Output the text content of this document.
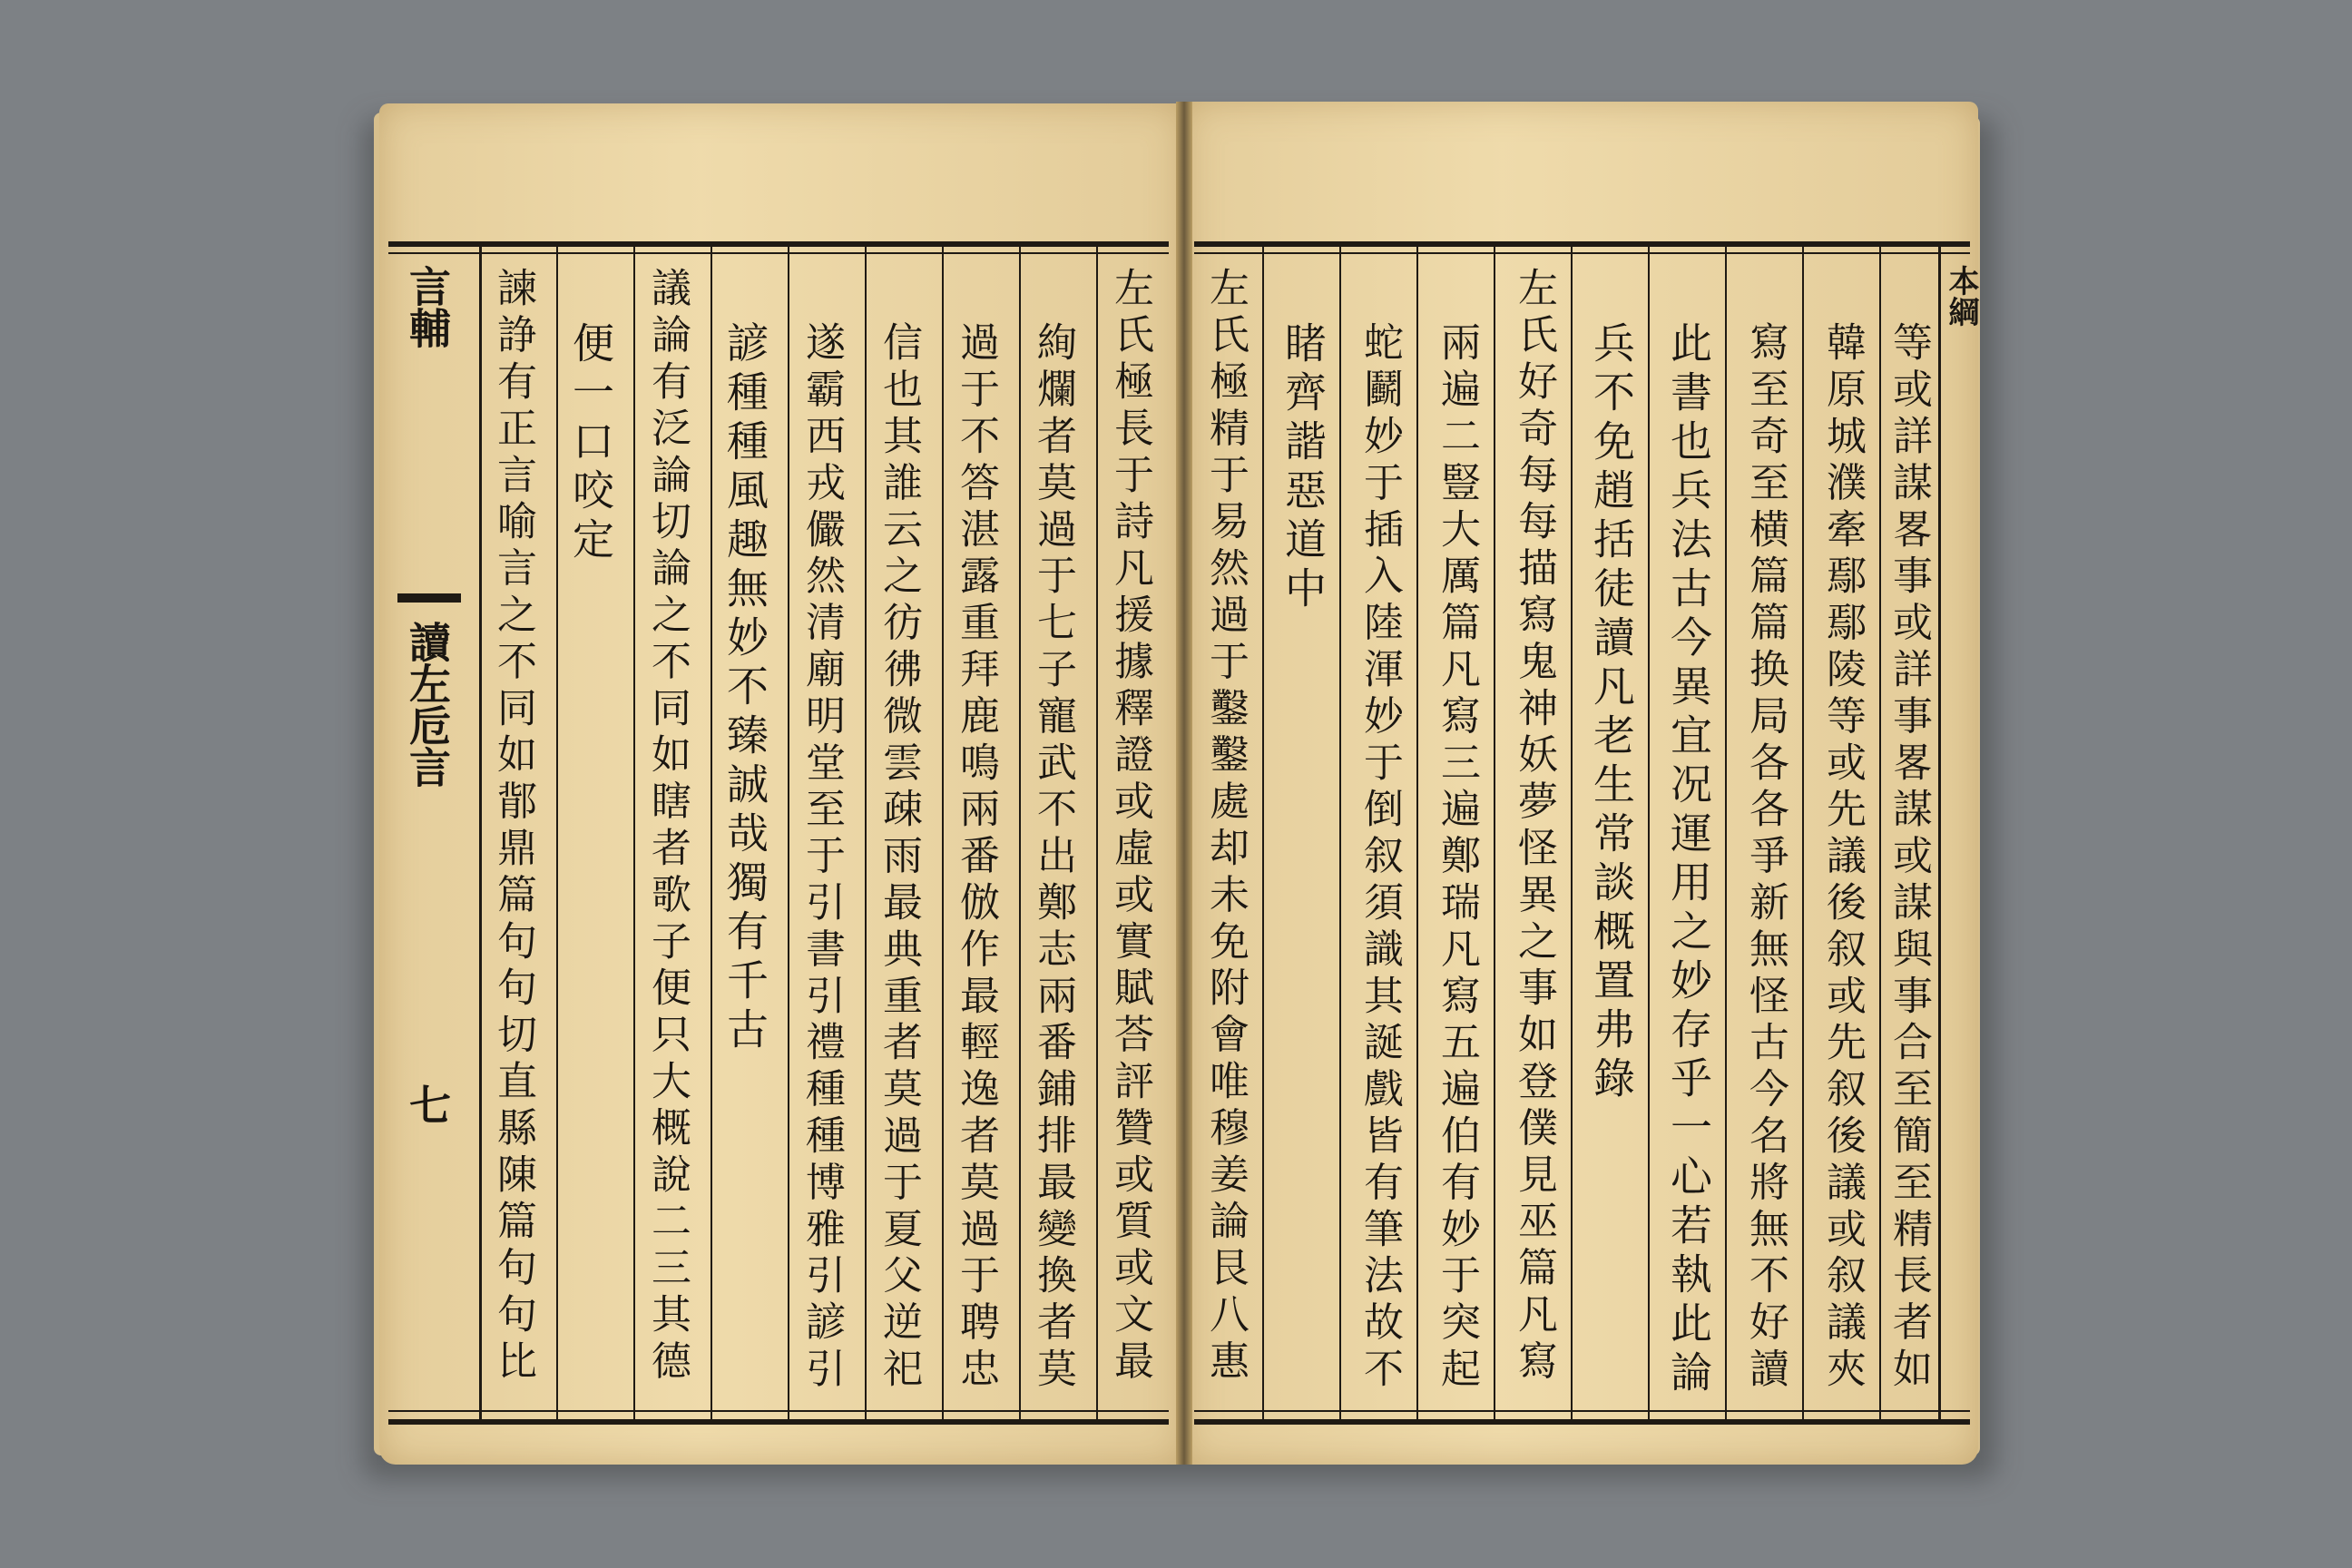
言輔
讀左卮言
七 諫諍有正言喻言之不同如鄁鼎篇句句切直縣陳篇句句比 便一口咬定 議論有泛論切論之不同如瞎者歌子便只大概說二三其德 諺種種風趣無妙不臻誠哉獨有千古 遂霸西戎儼然清廟明堂至于引書引禮種種博雅引諺引 信也其誰云之彷彿微雲疎雨最典重者莫過于夏父逆祀 過于不答湛露重拜鹿鳴兩番倣作最輕逸者莫過于聘忠 絢爛者莫過于七子寵武不出鄭志兩番鋪排最變換者莫 左氏極長于詩凡援據釋證或虛或實賦荅評贊或質或文最	本綱
左氏極精于易然過于鑿鑿處却未免附會唯穆姜論艮八惠 睹齊諧惡道中 蛇鬬妙于插入陸渾妙于倒叙須識其誕戲皆有筆法故不 兩遍二豎大厲篇凡寫三遍鄭瑞凡寫五遍伯有妙于突起 左氏好奇每每描寫鬼神妖夢怪異之事如登僕見巫篇凡寫 兵不免趙括徒讀凡老生常談概置弗錄 此書也兵法古今異宜况運用之妙存乎一心若執此論 寫至奇至横篇篇换局各各爭新無怪古今名將無不好讀 韓原城濮牽鄢鄢陵等或先議後叙或先叙後議或叙議夾 等或詳謀畧事或詳事畧謀或謀與事合至簡至精長者如
